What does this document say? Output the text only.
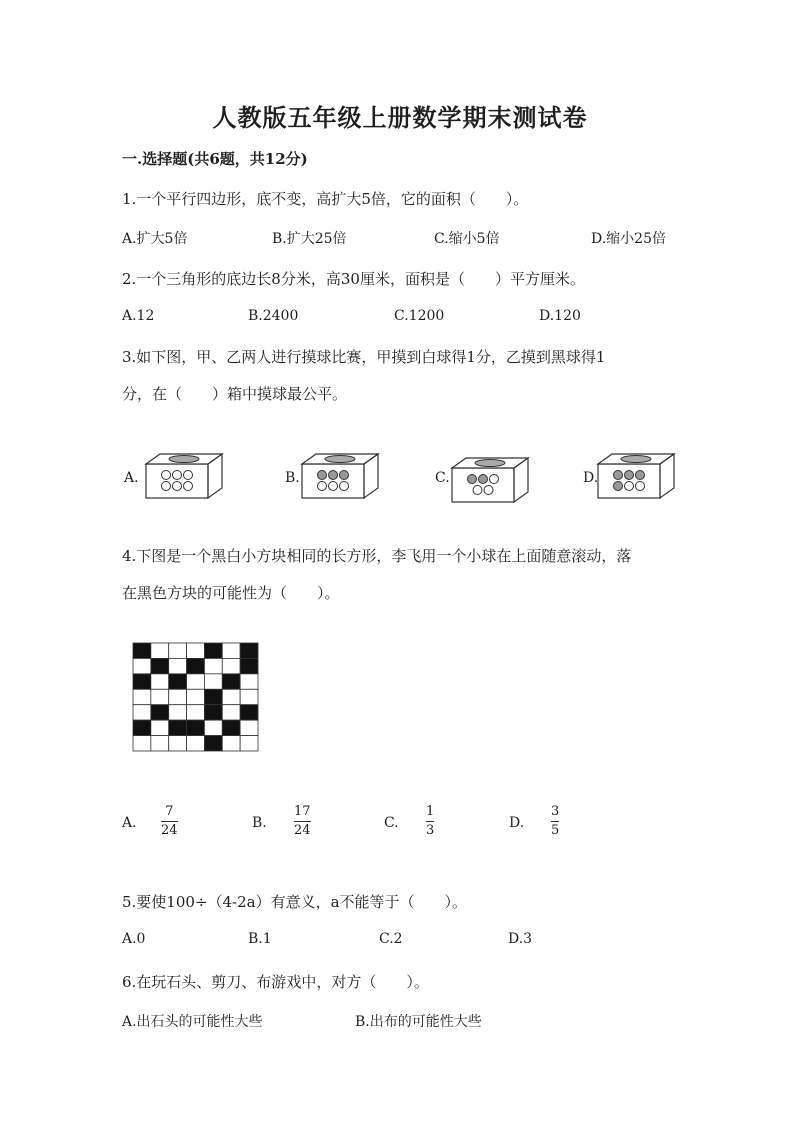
人教版五年级上册数学期末测试卷
一.选择题(共6题，共12分)
1.一个平行四边形，底不变，高扩大5倍，它的面积（　　）。
A.扩大5倍	B.扩大25倍	C.缩小5倍	D.缩小25倍
2.一个三角形的底边长8分米，高30厘米，面积是（　　）平方厘米。
A.12	B.2400	C.1200	D.120
3.如下图，甲、乙两人进行摸球比赛，甲摸到白球得1分，乙摸到黑球得1
分，在（　　）箱中摸球最公平。
A.	B.	C.	D.
4.下图是一个黑白小方块相同的长方形，李飞用一个小球在上面随意滚动，落
在黑色方块的可能性为（　　）。
A.
7
24	B.
17
24	C.
1
3	D.
3
5
5.要使100÷（4-2a）有意义，a不能等于（　　）。
A.0	B.1	C.2	D.3
6.在玩石头、剪刀、布游戏中，对方（　　）。
A.出石头的可能性大些	B.出布的可能性大些
